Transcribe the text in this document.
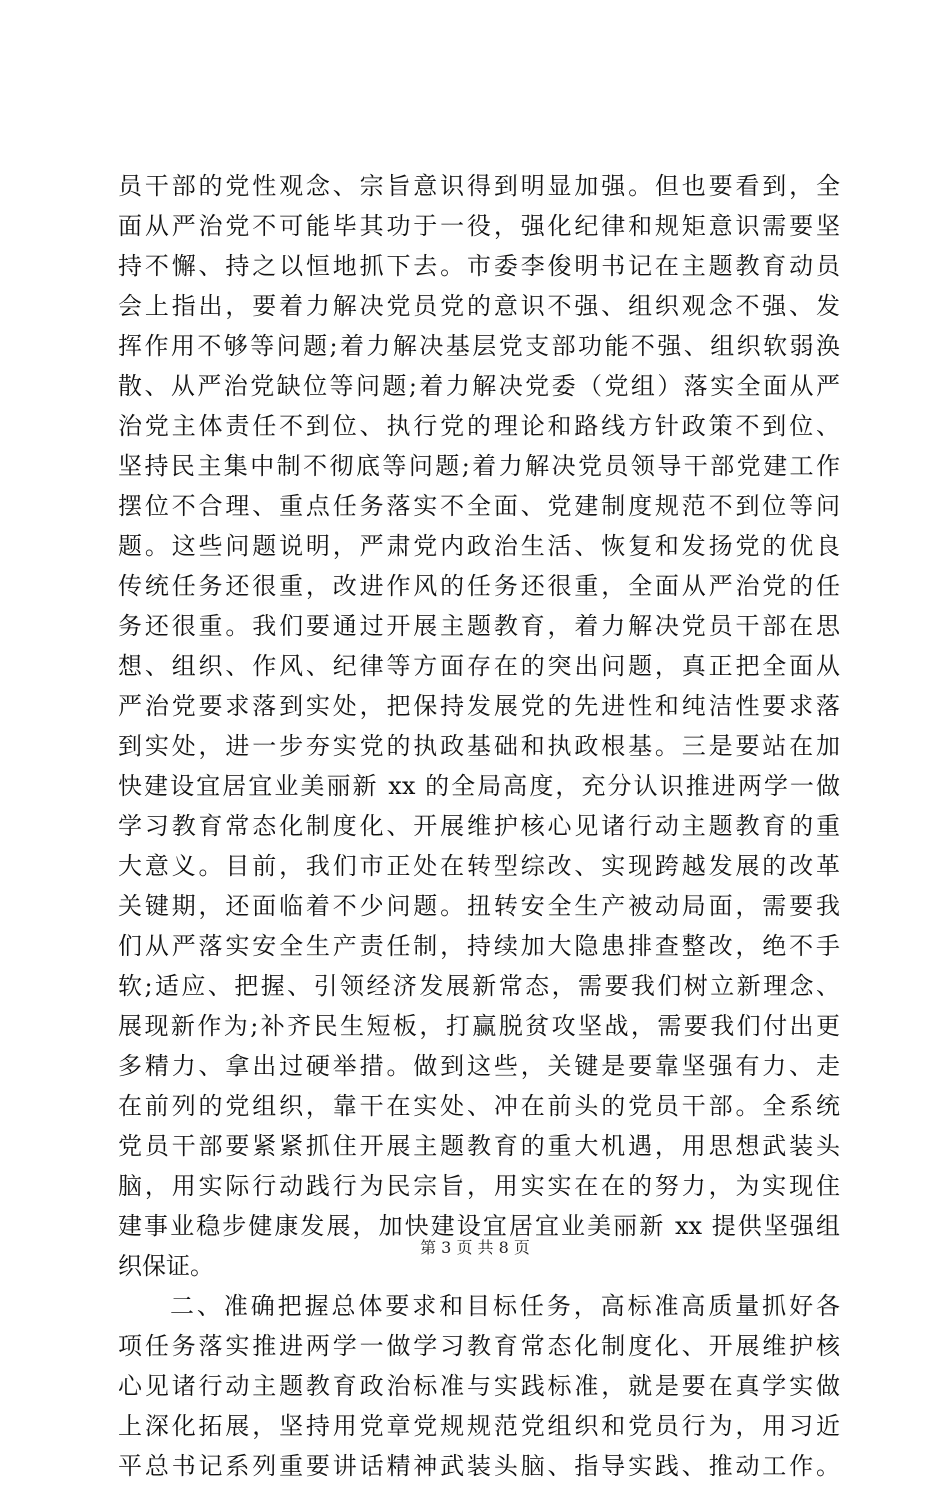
员干部的党性观念、宗旨意识得到明显加强。但也要看到，全
面从严治党不可能毕其功于一役，强化纪律和规矩意识需要坚
持不懈、持之以恒地抓下去。市委李俊明书记在主题教育动员
会上指出，要着力解决党员党的意识不强、组织观念不强、发
挥作用不够等问题;着力解决基层党支部功能不强、组织软弱涣
散、从严治党缺位等问题;着力解决党委（党组）落实全面从严
治党主体责任不到位、执行党的理论和路线方针政策不到位、
坚持民主集中制不彻底等问题;着力解决党员领导干部党建工作
摆位不合理、重点任务落实不全面、党建制度规范不到位等问
题。这些问题说明，严肃党内政治生活、恢复和发扬党的优良
传统任务还很重，改进作风的任务还很重，全面从严治党的任
务还很重。我们要通过开展主题教育，着力解决党员干部在思
想、组织、作风、纪律等方面存在的突出问题，真正把全面从
严治党要求落到实处，把保持发展党的先进性和纯洁性要求落
到实处，进一步夯实党的执政基础和执政根基。三是要站在加
快建设宜居宜业美丽新 xx 的全局高度，充分认识推进两学一做
学习教育常态化制度化、开展维护核心见诸行动主题教育的重
大意义。目前，我们市正处在转型综改、实现跨越发展的改革
关键期，还面临着不少问题。扭转安全生产被动局面，需要我
们从严落实安全生产责任制，持续加大隐患排查整改，绝不手
软;适应、把握、引领经济发展新常态，需要我们树立新理念、
展现新作为;补齐民生短板，打赢脱贫攻坚战，需要我们付出更
多精力、拿出过硬举措。做到这些，关键是要靠坚强有力、走
在前列的党组织，靠干在实处、冲在前头的党员干部。全系统
党员干部要紧紧抓住开展主题教育的重大机遇，用思想武装头
脑，用实际行动践行为民宗旨，用实实在在的努力，为实现住
建事业稳步健康发展，加快建设宜居宜业美丽新 xx 提供坚强组
织保证。
二、准确把握总体要求和目标任务，高标准高质量抓好各
项任务落实推进两学一做学习教育常态化制度化、开展维护核
心见诸行动主题教育政治标准与实践标准，就是要在真学实做
上深化拓展，坚持用党章党规规范党组织和党员行为，用习近
平总书记系列重要讲话精神武装头脑、指导实践、推动工作。
第 3 页 共 8 页
